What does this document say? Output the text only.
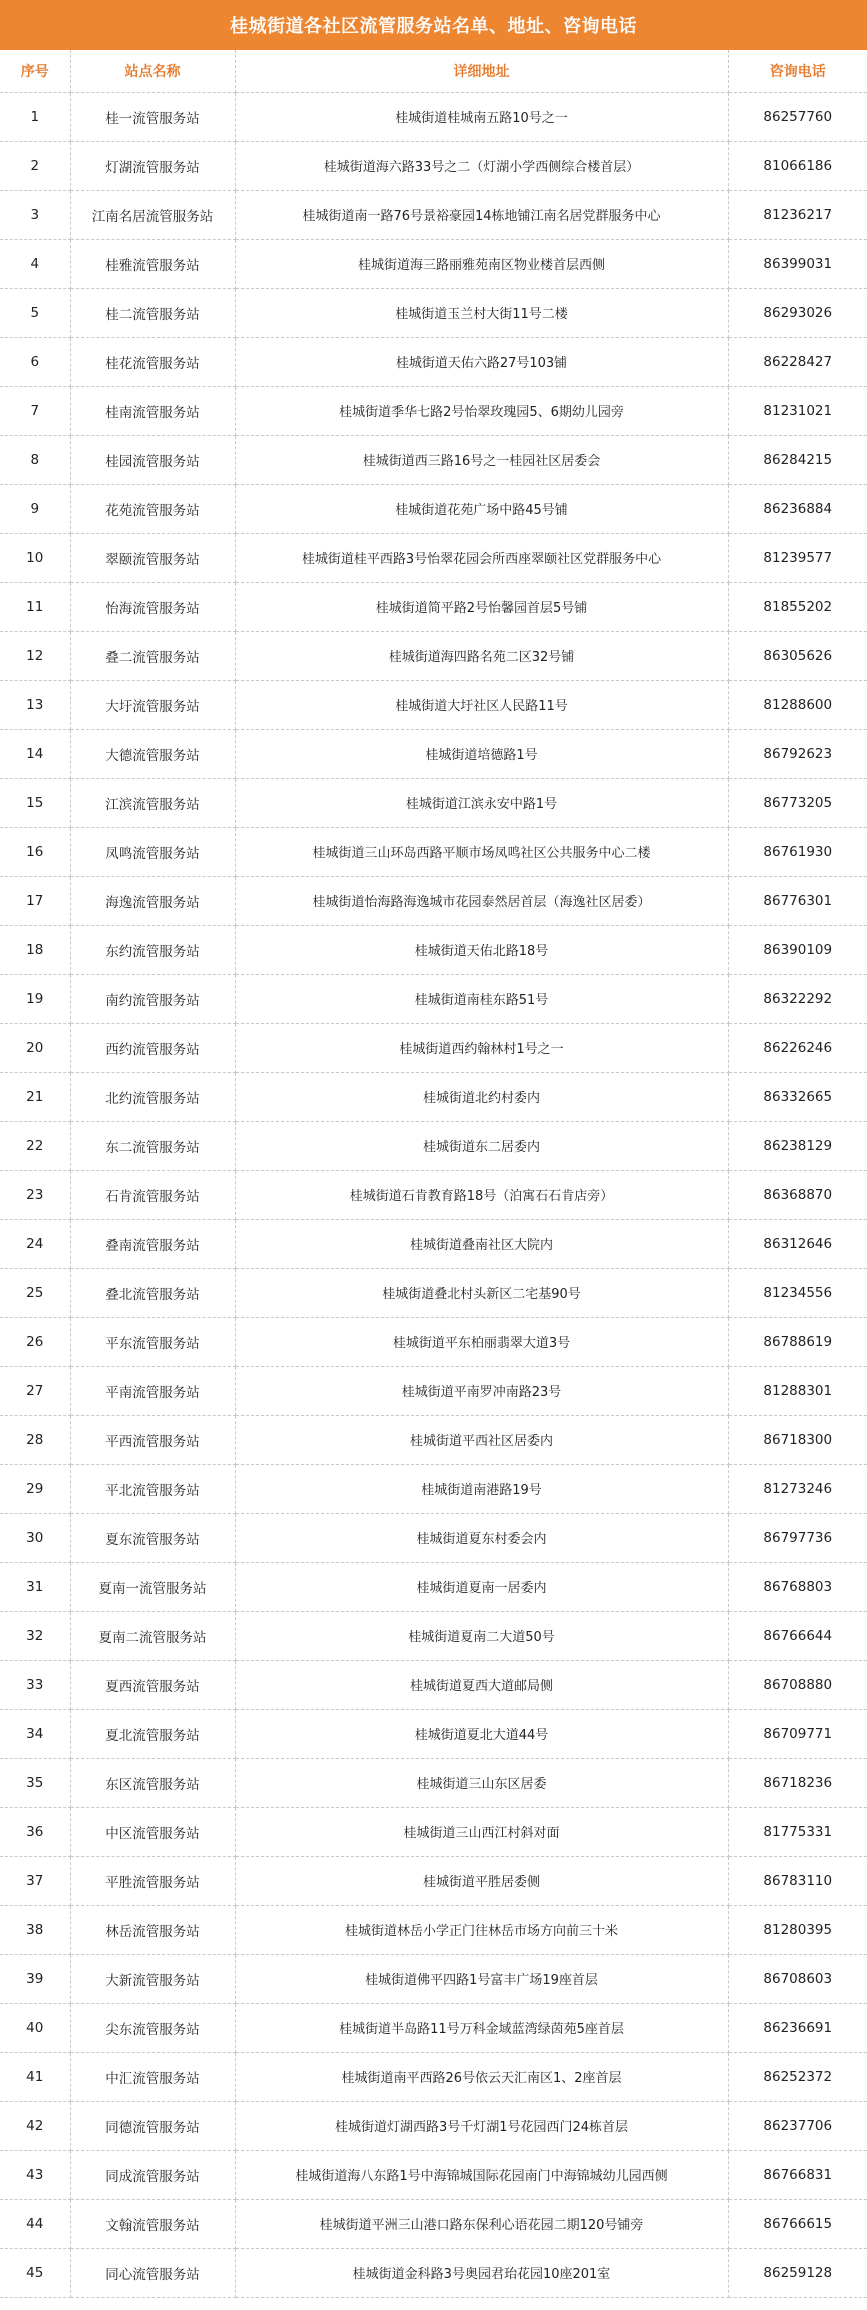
桂城街道各社区流管服务站名单、地址、咨询电话
序号	站点名称	详细地址	咨询电话
1	桂一流管服务站	桂城街道桂城南五路10号之一	86257760
2	灯湖流管服务站	桂城街道海六路33号之二（灯湖小学西侧综合楼首层）	81066186
3	江南名居流管服务站	桂城街道南一路76号景裕豪园14栋地铺江南名居党群服务中心	81236217
4	桂雅流管服务站	桂城街道海三路丽雅苑南区物业楼首层西侧	86399031
5	桂二流管服务站	桂城街道玉兰村大街11号二楼	86293026
6	桂花流管服务站	桂城街道天佑六路27号103铺	86228427
7	桂南流管服务站	桂城街道季华七路2号怡翠玫瑰园5、6期幼儿园旁	81231021
8	桂园流管服务站	桂城街道西三路16号之一桂园社区居委会	86284215
9	花苑流管服务站	桂城街道花苑广场中路45号铺	86236884
10	翠颐流管服务站	桂城街道桂平西路3号怡翠花园会所西座翠颐社区党群服务中心	81239577
11	怡海流管服务站	桂城街道简平路2号怡馨园首层5号铺	81855202
12	叠二流管服务站	桂城街道海四路名苑二区32号铺	86305626
13	大圩流管服务站	桂城街道大圩社区人民路11号	81288600
14	大德流管服务站	桂城街道培德路1号	86792623
15	江滨流管服务站	桂城街道江滨永安中路1号	86773205
16	凤鸣流管服务站	桂城街道三山环岛西路平顺市场凤鸣社区公共服务中心二楼	86761930
17	海逸流管服务站	桂城街道怡海路海逸城市花园泰然居首层（海逸社区居委）	86776301
18	东约流管服务站	桂城街道天佑北路18号	86390109
19	南约流管服务站	桂城街道南桂东路51号	86322292
20	西约流管服务站	桂城街道西约翰林村1号之一	86226246
21	北约流管服务站	桂城街道北约村委内	86332665
22	东二流管服务站	桂城街道东二居委内	86238129
23	石肯流管服务站	桂城街道石肯教育路18号（泊寓石石肯店旁）	86368870
24	叠南流管服务站	桂城街道叠南社区大院内	86312646
25	叠北流管服务站	桂城街道叠北村头新区二宅基90号	81234556
26	平东流管服务站	桂城街道平东柏丽翡翠大道3号	86788619
27	平南流管服务站	桂城街道平南罗冲南路23号	81288301
28	平西流管服务站	桂城街道平西社区居委内	86718300
29	平北流管服务站	桂城街道南港路19号	81273246
30	夏东流管服务站	桂城街道夏东村委会内	86797736
31	夏南一流管服务站	桂城街道夏南一居委内	86768803
32	夏南二流管服务站	桂城街道夏南二大道50号	86766644
33	夏西流管服务站	桂城街道夏西大道邮局侧	86708880
34	夏北流管服务站	桂城街道夏北大道44号	86709771
35	东区流管服务站	桂城街道三山东区居委	86718236
36	中区流管服务站	桂城街道三山西江村斜对面	81775331
37	平胜流管服务站	桂城街道平胜居委侧	86783110
38	林岳流管服务站	桂城街道林岳小学正门往林岳市场方向前三十米	81280395
39	大新流管服务站	桂城街道佛平四路1号富丰广场19座首层	86708603
40	尖东流管服务站	桂城街道半岛路11号万科金域蓝湾绿茵苑5座首层	86236691
41	中汇流管服务站	桂城街道南平西路26号依云天汇南区1、2座首层	86252372
42	同德流管服务站	桂城街道灯湖西路3号千灯湖1号花园西门24栋首层	86237706
43	同成流管服务站	桂城街道海八东路1号中海锦城国际花园南门中海锦城幼儿园西侧	86766831
44	文翰流管服务站	桂城街道平洲三山港口路东保利心语花园二期120号铺旁	86766615
45	同心流管服务站	桂城街道金科路3号奥园君珆花园10座201室	86259128
